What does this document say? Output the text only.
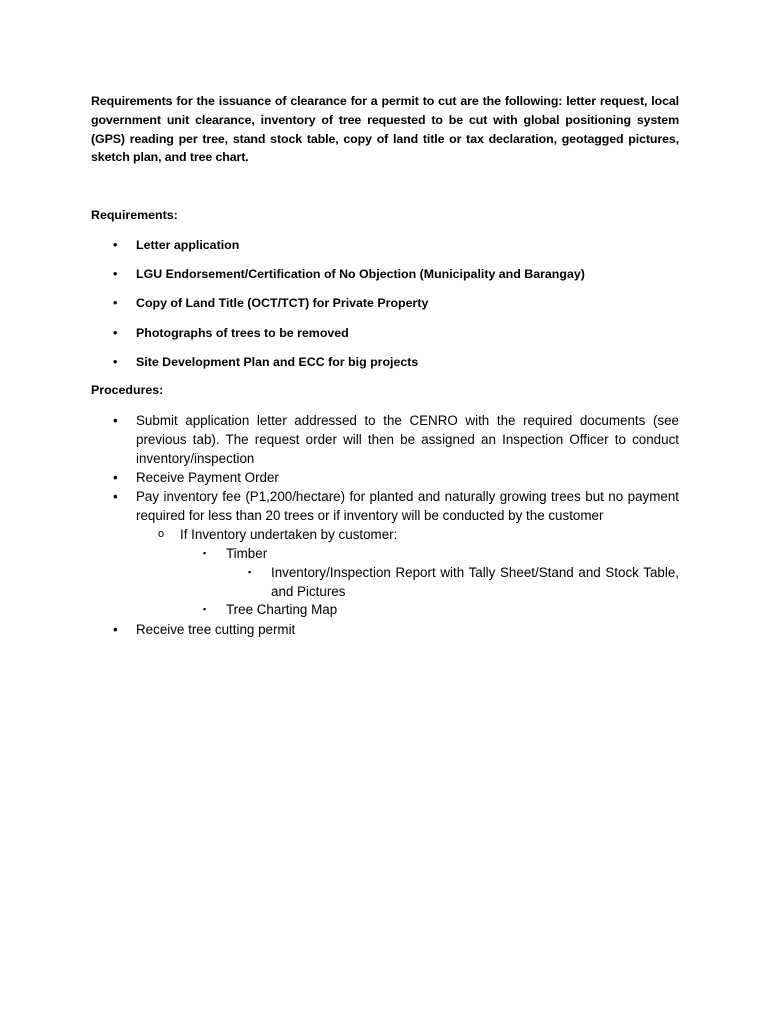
Requirements for the issuance of clearance for a permit to cut are the following: letter request, local government unit clearance, inventory of tree requested to be cut with global positioning system (GPS) reading per tree, stand stock table, copy of land title or tax declaration, geotagged pictures, sketch plan, and tree chart.

Requirements:

•	Letter application
•	LGU Endorsement/Certification of No Objection (Municipality and Barangay)
•	Copy of Land Title (OCT/TCT) for Private Property
•	Photographs of trees to be removed
•	Site Development Plan and ECC for big projects

Procedures:

• Submit application letter addressed to the CENRO with the required documents (see previous tab). The request order will then be assigned an Inspection Officer to conduct inventory/inspection
• Receive Payment Order
• Pay inventory fee (P1,200/hectare) for planted and naturally growing trees but no payment required for less than 20 trees or if inventory will be conducted by the customer
o If Inventory undertaken by customer:
▪ Timber
▪ Inventory/Inspection Report with Tally Sheet/Stand and Stock Table, and Pictures
▪ Tree Charting Map
• Receive tree cutting permit
